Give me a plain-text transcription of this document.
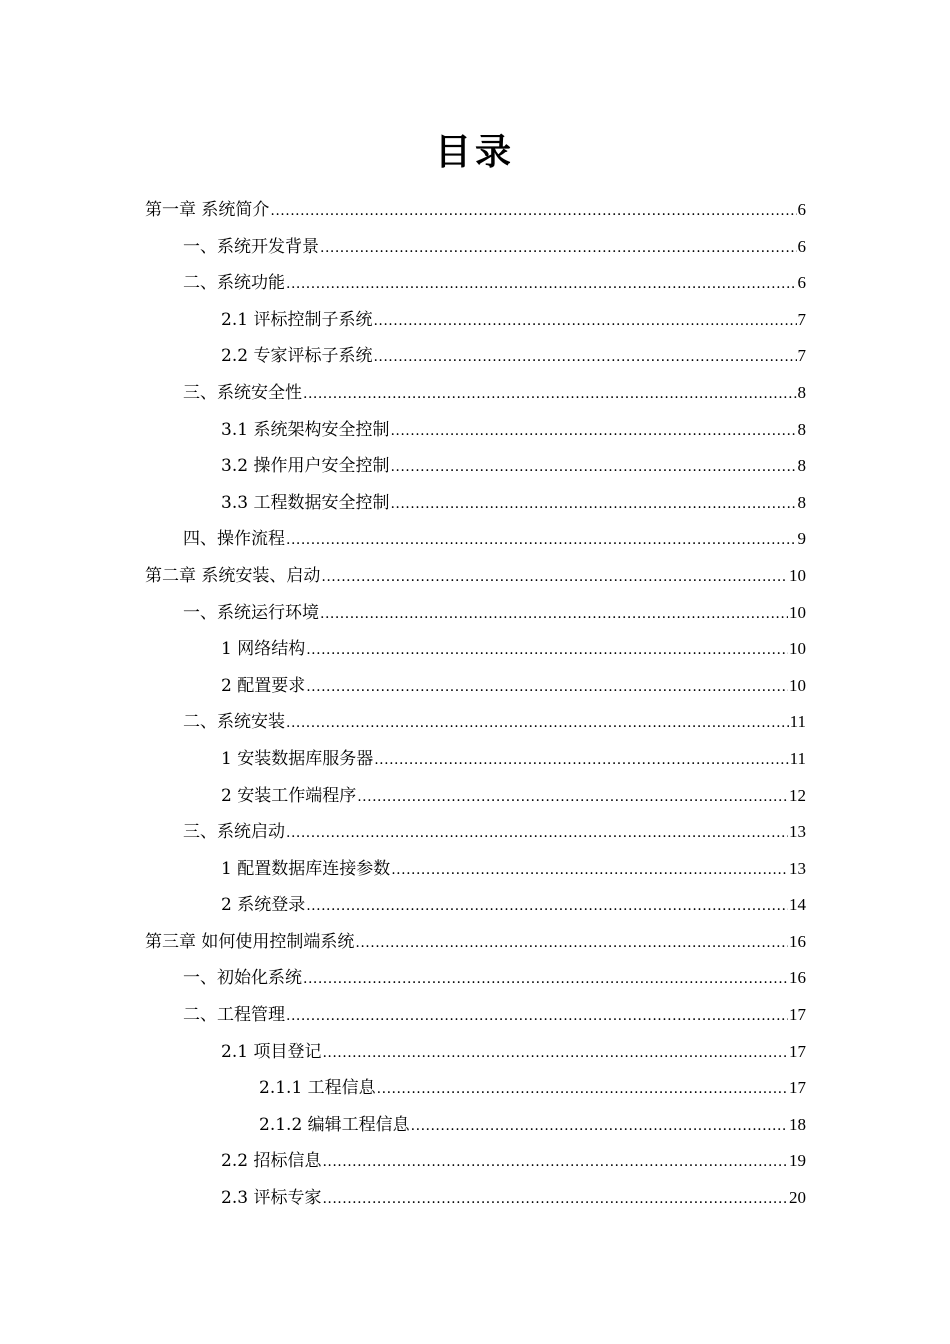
目录
第一章 系统简介 .....	6
一、系统开发背景 .....	6
二、系统功能 .....	6
2.1 评标控制子系统 .....	7
2.2 专家评标子系统 .....	7
三、系统安全性 .....	8
3.1 系统架构安全控制 .....	8
3.2 操作用户安全控制 .....	8
3.3 工程数据安全控制 .....	8
四、操作流程 .....	9
第二章 系统安装、启动 .....	10
一、系统运行环境 .....	10
1 网络结构 .....	10
2 配置要求 .....	10
二、系统安装 .....	11
1 安装数据库服务器 .....	11
2 安装工作端程序 .....	12
三、系统启动 .....	13
1 配置数据库连接参数 .....	13
2 系统登录 .....	14
第三章 如何使用控制端系统 .....	16
一、初始化系统 .....	16
二、工程管理 .....	17
2.1 项目登记 .....	17
2.1.1 工程信息 .....	17
2.1.2 编辑工程信息 .....	18
2.2 招标信息 .....	19
2.3 评标专家 .....	20
